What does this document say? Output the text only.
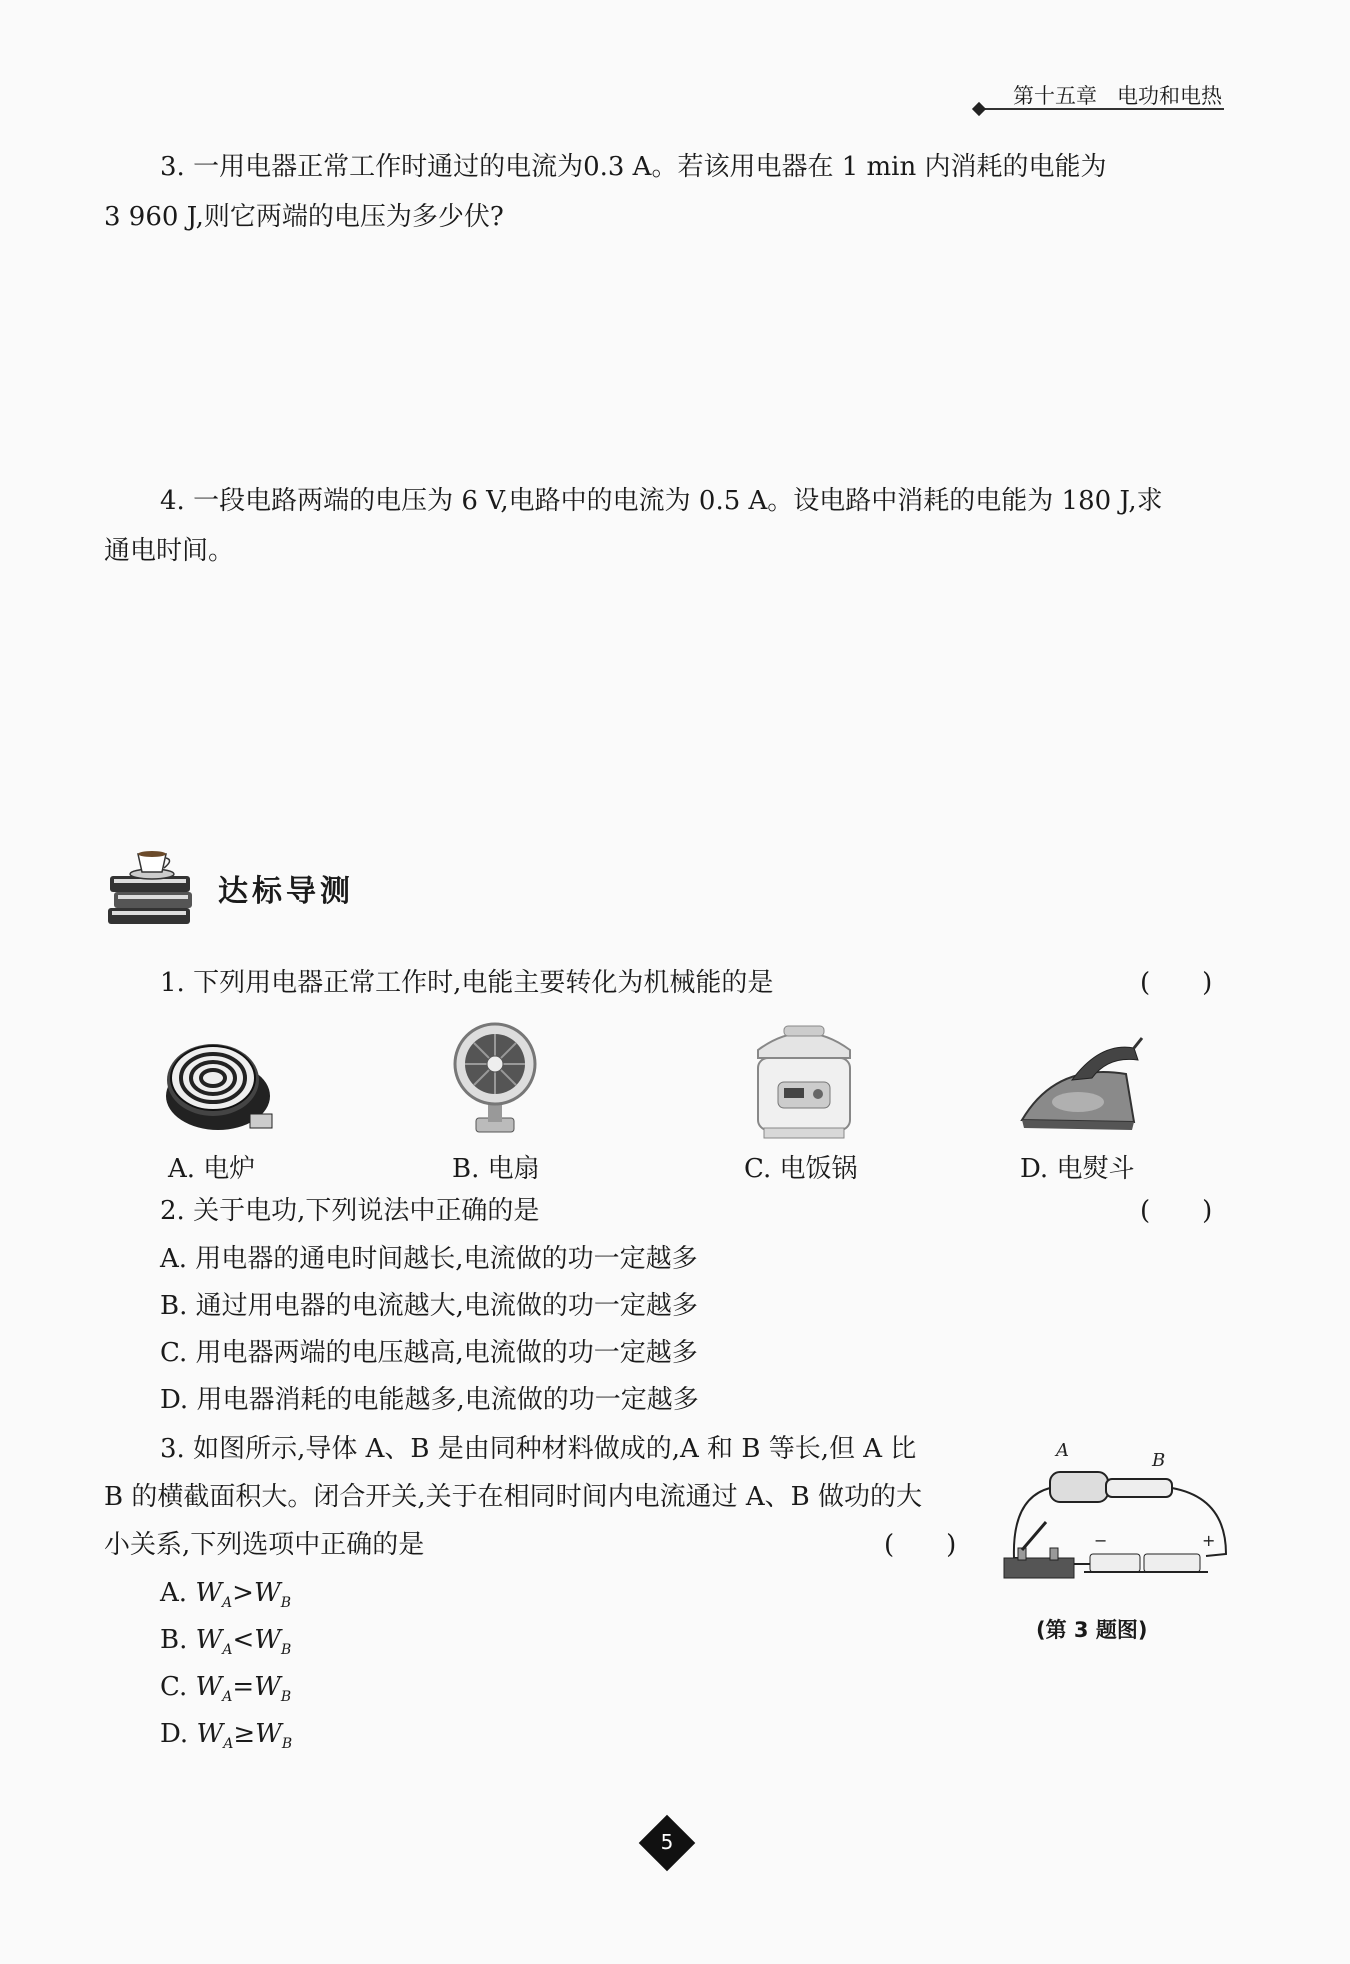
第十五章 电功和电热
3. 一用电器正常工作时通过的电流为0.3 A。若该用电器在 1 min 内消耗的电能为
3 960 J,则它两端的电压为多少伏?
4. 一段电路两端的电压为 6 V,电路中的电流为 0.5 A。设电路中消耗的电能为 180 J,求
通电时间。
达标导测
1. 下列用电器正常工作时,电能主要转化为机械能的是	(　　)
A. 电炉	B. 电扇	C. 电饭锅	D. 电熨斗
2. 关于电功,下列说法中正确的是	(　　)
A. 用电器的通电时间越长,电流做的功一定越多
B. 通过用电器的电流越大,电流做的功一定越多
C. 用电器两端的电压越高,电流做的功一定越多
D. 用电器消耗的电能越多,电流做的功一定越多
3. 如图所示,导体 A、B 是由同种材料做成的,A 和 B 等长,但 A 比
B 的横截面积大。闭合开关,关于在相同时间内电流通过 A、B 做功的大
小关系,下列选项中正确的是	(　　)
A. $W_A>W_B$
B. $W_A<W_B$
C. $W_A=W_B$
D. $W_A\ge W_B$
A	B
−	+
(第 3 题图)
5
